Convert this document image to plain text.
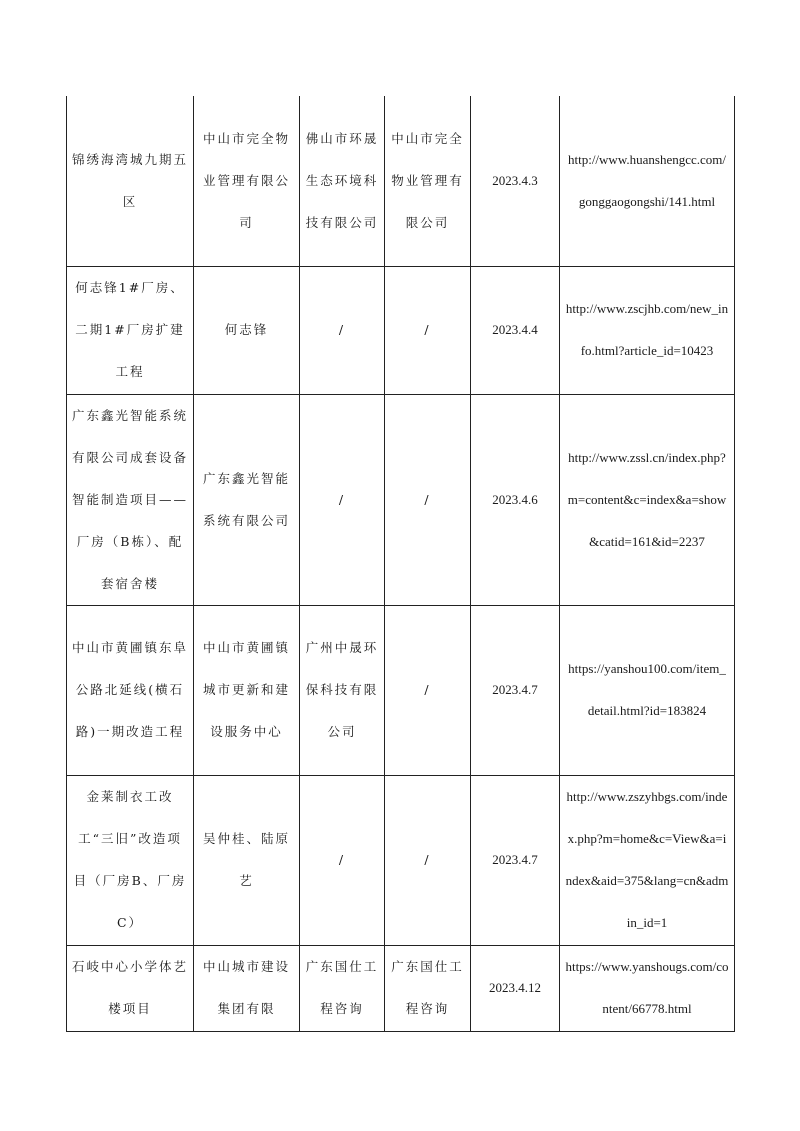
锦绣海湾城九期五区	中山市完全物业管理有限公司	佛山市环晟生态环境科技有限公司	中山市完全物业管理有限公司	2023.4.3	http://www.huanshengcc.com/gonggaogongshi/141.html
何志锋1#厂房、二期1#厂房扩建工程	何志锋	/	/	2023.4.4	http://www.zscjhb.com/new_info.html?article_id=10423
广东鑫光智能系统有限公司成套设备智能制造项目——厂房（B栋）、配套宿舍楼	广东鑫光智能系统有限公司	/	/	2023.4.6	http://www.zssl.cn/index.php?m=content&c=index&a=show&catid=161&id=2237
中山市黄圃镇东阜公路北延线(横石路)一期改造工程	中山市黄圃镇城市更新和建设服务中心	广州中晟环保科技有限公司	/	2023.4.7	https://yanshou100.com/item_detail.html?id=183824
金莱制衣工改工“三旧”改造项目（厂房B、厂房C）	吴仲桂、陆原艺	/	/	2023.4.7	http://www.zszyhbgs.com/index.php?m=home&c=View&a=index&aid=375&lang=cn&admin_id=1
石岐中心小学体艺楼项目	中山城市建设集团有限	广东国仕工程咨询	广东国仕工程咨询	2023.4.12	https://www.yanshougs.com/content/66778.html
